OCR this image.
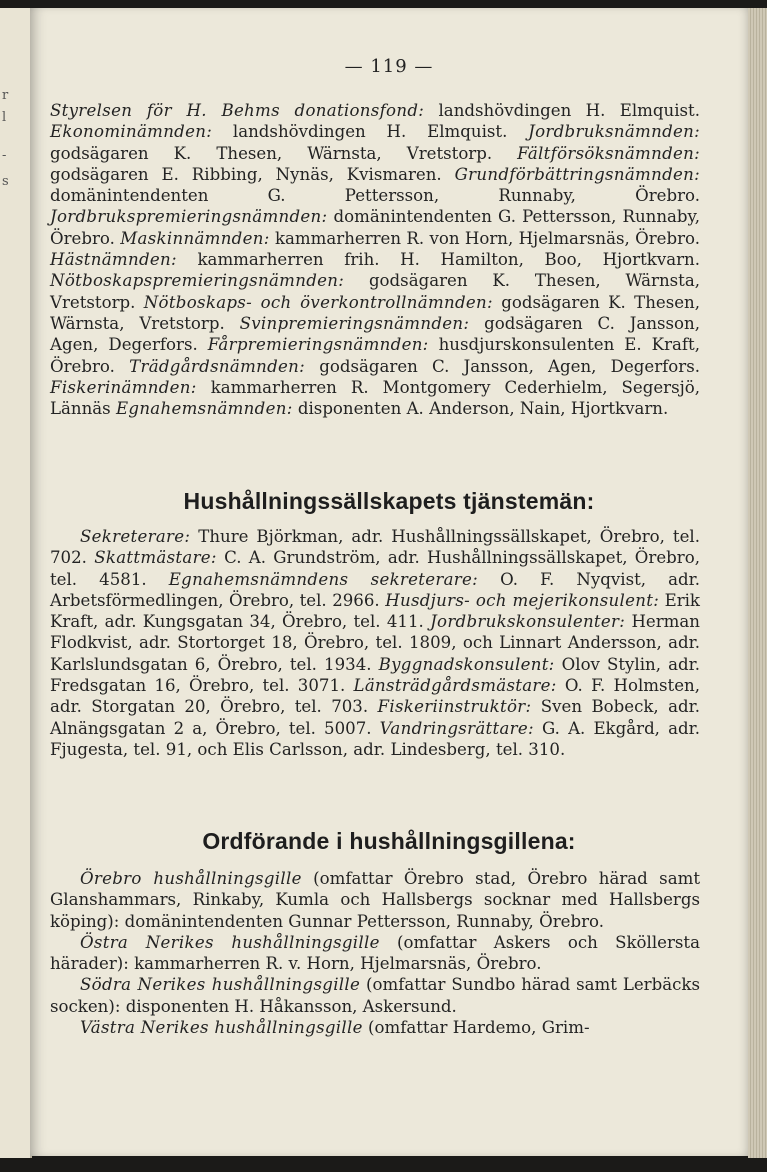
r
l
-
s
— 119 —

Styrelsen för H. Behms donationsfond: landshövdingen H. Elmquist. Ekonominämnden: landshövdingen H. Elmquist. Jordbruksnämnden: godsägaren K. Thesen, Wärnsta, Vretstorp. Fältförsöksnämnden: godsägaren E. Ribbing, Nynäs, Kvismaren. Grundförbättringsnämnden: domänintendenten G. Pettersson, Runnaby, Örebro. Jordbrukspremieringsnämnden: domänintendenten G. Pettersson, Runnaby, Örebro. Maskinnämnden: kammarherren R. von Horn, Hjelmarsnäs, Örebro. Hästnämnden: kammarherren frih. H. Hamilton, Boo, Hjortkvarn. Nötboskapspremieringsnämnden: godsägaren K. Thesen, Wärnsta, Vretstorp. Nötboskaps- och överkontrollnämnden: godsägaren K. Thesen, Wärnsta, Vretstorp. Svinpremieringsnämnden: godsägaren C. Jansson, Agen, Degerfors. Fårpremieringsnämnden: husdjurskonsulenten E. Kraft, Örebro. Trädgårdsnämnden: godsägaren C. Jansson, Agen, Degerfors. Fiskerinämnden: kammarherren R. Montgomery Cederhielm, Segersjö, Lännäs Egnahemsnämnden: disponenten A. Anderson, Nain, Hjortkvarn.

Hushållningssällskapets tjänstemän:

Sekreterare: Thure Björkman, adr. Hushållningssällskapet, Örebro, tel. 702. Skattmästare: C. A. Grundström, adr. Hushållningssällskapet, Örebro, tel. 4581. Egnahemsnämndens sekreterare: O. F. Nyqvist, adr. Arbetsförmedlingen, Örebro, tel. 2966. Husdjurs- och mejerikonsulent: Erik Kraft, adr. Kungsgatan 34, Örebro, tel. 411. Jordbrukskonsulenter: Herman Flodkvist, adr. Stortorget 18, Örebro, tel. 1809, och Linnart Andersson, adr. Karlslundsgatan 6, Örebro, tel. 1934. Byggnadskonsulent: Olov Stylin, adr. Fredsgatan 16, Örebro, tel. 3071. Länsträdgårdsmästare: O. F. Holmsten, adr. Storgatan 20, Örebro, tel. 703. Fiskeriinstruktör: Sven Bobeck, adr. Alnängsgatan 2 a, Örebro, tel. 5007. Vandringsrättare: G. A. Ekgård, adr. Fjugesta, tel. 91, och Elis Carlsson, adr. Lindesberg, tel. 310.

Ordförande i hushållningsgillena:

Örebro hushållningsgille (omfattar Örebro stad, Örebro härad samt Glanshammars, Rinkaby, Kumla och Hallsbergs socknar med Hallsbergs köping): domänintendenten Gunnar Pettersson, Runnaby, Örebro.

Östra Nerikes hushållningsgille (omfattar Askers och Sköllersta härader): kammarherren R. v. Horn, Hjelmarsnäs, Örebro.

Södra Nerikes hushållningsgille (omfattar Sundbo härad samt Lerbäcks socken): disponenten H. Håkansson, Askersund.

Västra Nerikes hushållningsgille (omfattar Hardemo, Grim-
